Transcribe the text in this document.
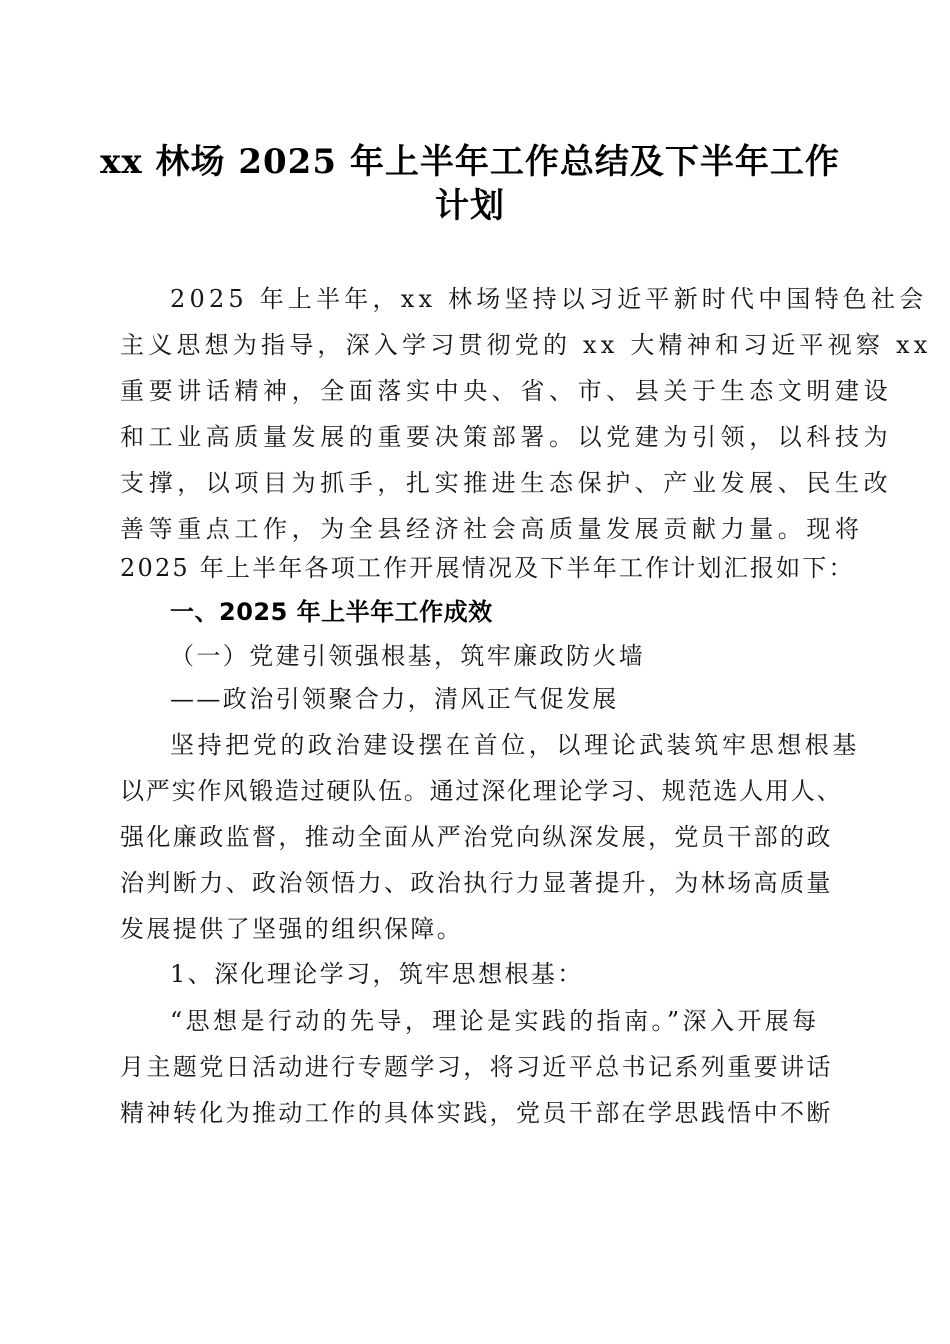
xx 林场 2025 年上半年工作总结及下半年工作
计划
2025 年上半年，xx 林场坚持以习近平新时代中国特色社会
主义思想为指导，深入学习贯彻党的 xx 大精神和习近平视察 xx
重要讲话精神，全面落实中央、省、市、县关于生态文明建设
和工业高质量发展的重要决策部署。以党建为引领，以科技为
支撑，以项目为抓手，扎实推进生态保护、产业发展、民生改
善等重点工作，为全县经济社会高质量发展贡献力量。现将
2025 年上半年各项工作开展情况及下半年工作计划汇报如下：
一、2025 年上半年工作成效
（一）党建引领强根基，筑牢廉政防火墙
——政治引领聚合力，清风正气促发展
坚持把党的政治建设摆在首位，以理论武装筑牢思想根基
以严实作风锻造过硬队伍。通过深化理论学习、规范选人用人、
强化廉政监督，推动全面从严治党向纵深发展，党员干部的政
治判断力、政治领悟力、政治执行力显著提升，为林场高质量
发展提供了坚强的组织保障。
1、深化理论学习，筑牢思想根基：
“思想是行动的先导，理论是实践的指南。”深入开展每
月主题党日活动进行专题学习，将习近平总书记系列重要讲话
精神转化为推动工作的具体实践，党员干部在学思践悟中不断
